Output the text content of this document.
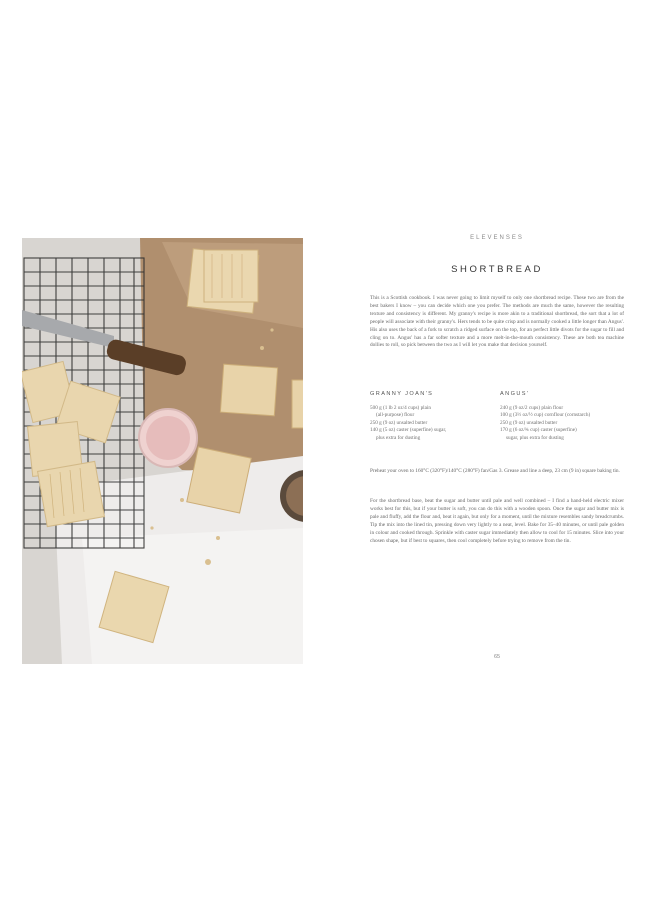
ELEVENSES
SHORTBREAD

This is a Scottish cookbook. I was never going to limit myself to only one shortbread recipe. These two are from the best bakers I know – you can decide which one you prefer. The methods are much the same, however the resulting texture and consistency is different. My granny's recipe is more akin to a traditional shortbread, the sort that a lot of people will associate with their granny's. Hers tends to be quite crisp and is normally cooked a little longer than Angus'. His also uses the back of a fork to scratch a ridged surface on the top, for an perfect little divots for the sugar to fill and cling on to. Angus' has a far softer texture and a more melt-in-the-mouth consistency. These are both tea machine dollies to roll, so pick between the two as I will let you make that decision yourself.

GRANNY JOAN'S
500 g (1 lb 2 oz/4 cups) plain
(all-purpose) flour
250 g (9 oz) unsalted butter
140 g (5 oz) caster (superfine) sugar,
plus extra for dusting
ANGUS'
240 g (9 oz/2 cups) plain flour
100 g (3½ oz/½ cup) cornflour (cornstarch)
250 g (9 oz) unsalted butter
170 g (6 oz/¾ cup) caster (superfine)
sugar, plus extra for dusting

Preheat your oven to 160°C (320°F)/140°C (280°F) fan/Gas 3. Grease and line a deep, 23 cm (9 in) square baking tin.

For the shortbread base, beat the sugar and butter until pale and well combined – I find a hand-held electric mixer works best for this, but if your butter is soft, you can do this with a wooden spoon. Once the sugar and butter mix is pale and fluffy, add the flour and, beat it again, but only for a moment, until the mixture resembles sandy breadcrumbs. Tip the mix into the lined tin, pressing down very lightly to a neat, level. Bake for 35–40 minutes, or until pale golden in colour and cooked through. Sprinkle with caster sugar immediately then allow to cool for 15 minutes. Slice into your chosen shape, but if best to squares, then cool completely before trying to remove from the tin.

65
